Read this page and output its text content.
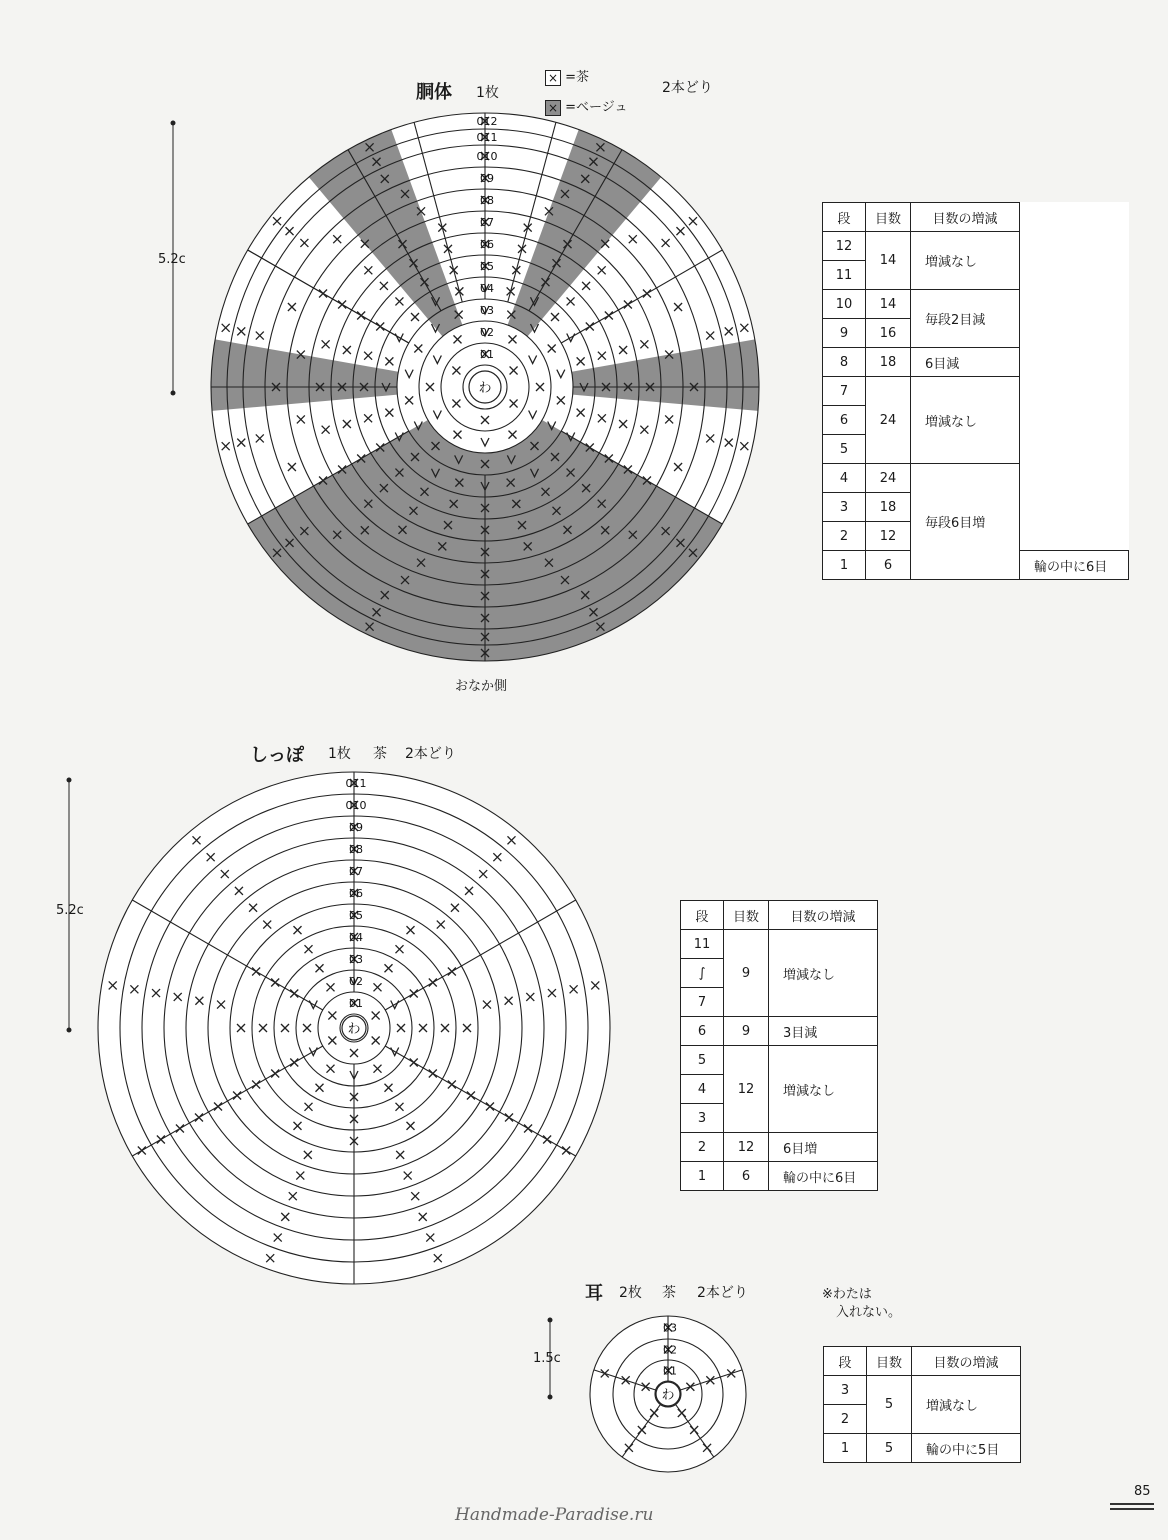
01
02
03
04
05
06
07
08
09
010
011
012
わ
01
02
03
04
05
06
07
08
09
010
011
わ
01
02
03
わ
胴体 1枚
× =茶
× =ベージュ
2本どり
5.2c
おなか側
段	目数	目数の増減	
12	14	増減なし	
11			
10	14	毎段2目減	
9	16		
8	18	6目減	
7	24	増減なし	
6			
5			
4	24	毎段6目増	
3	18		
2	12		
1	6		輪の中に6目
しっぽ 1枚 茶 2本どり
5.2c	段	目数	目数の増減
11	9	増減なし
∫		
7		
6	9	3目減
5	12	増減なし
4		
3		
2	12	6目増
1	6	輪の中に6目
耳 2枚 茶 2本どり	※わたは
入れない。
1.5c	段	目数	目数の増減
3	5	増減なし
2		
1	5	輪の中に5目
85
Handmade-Paradise.ru
